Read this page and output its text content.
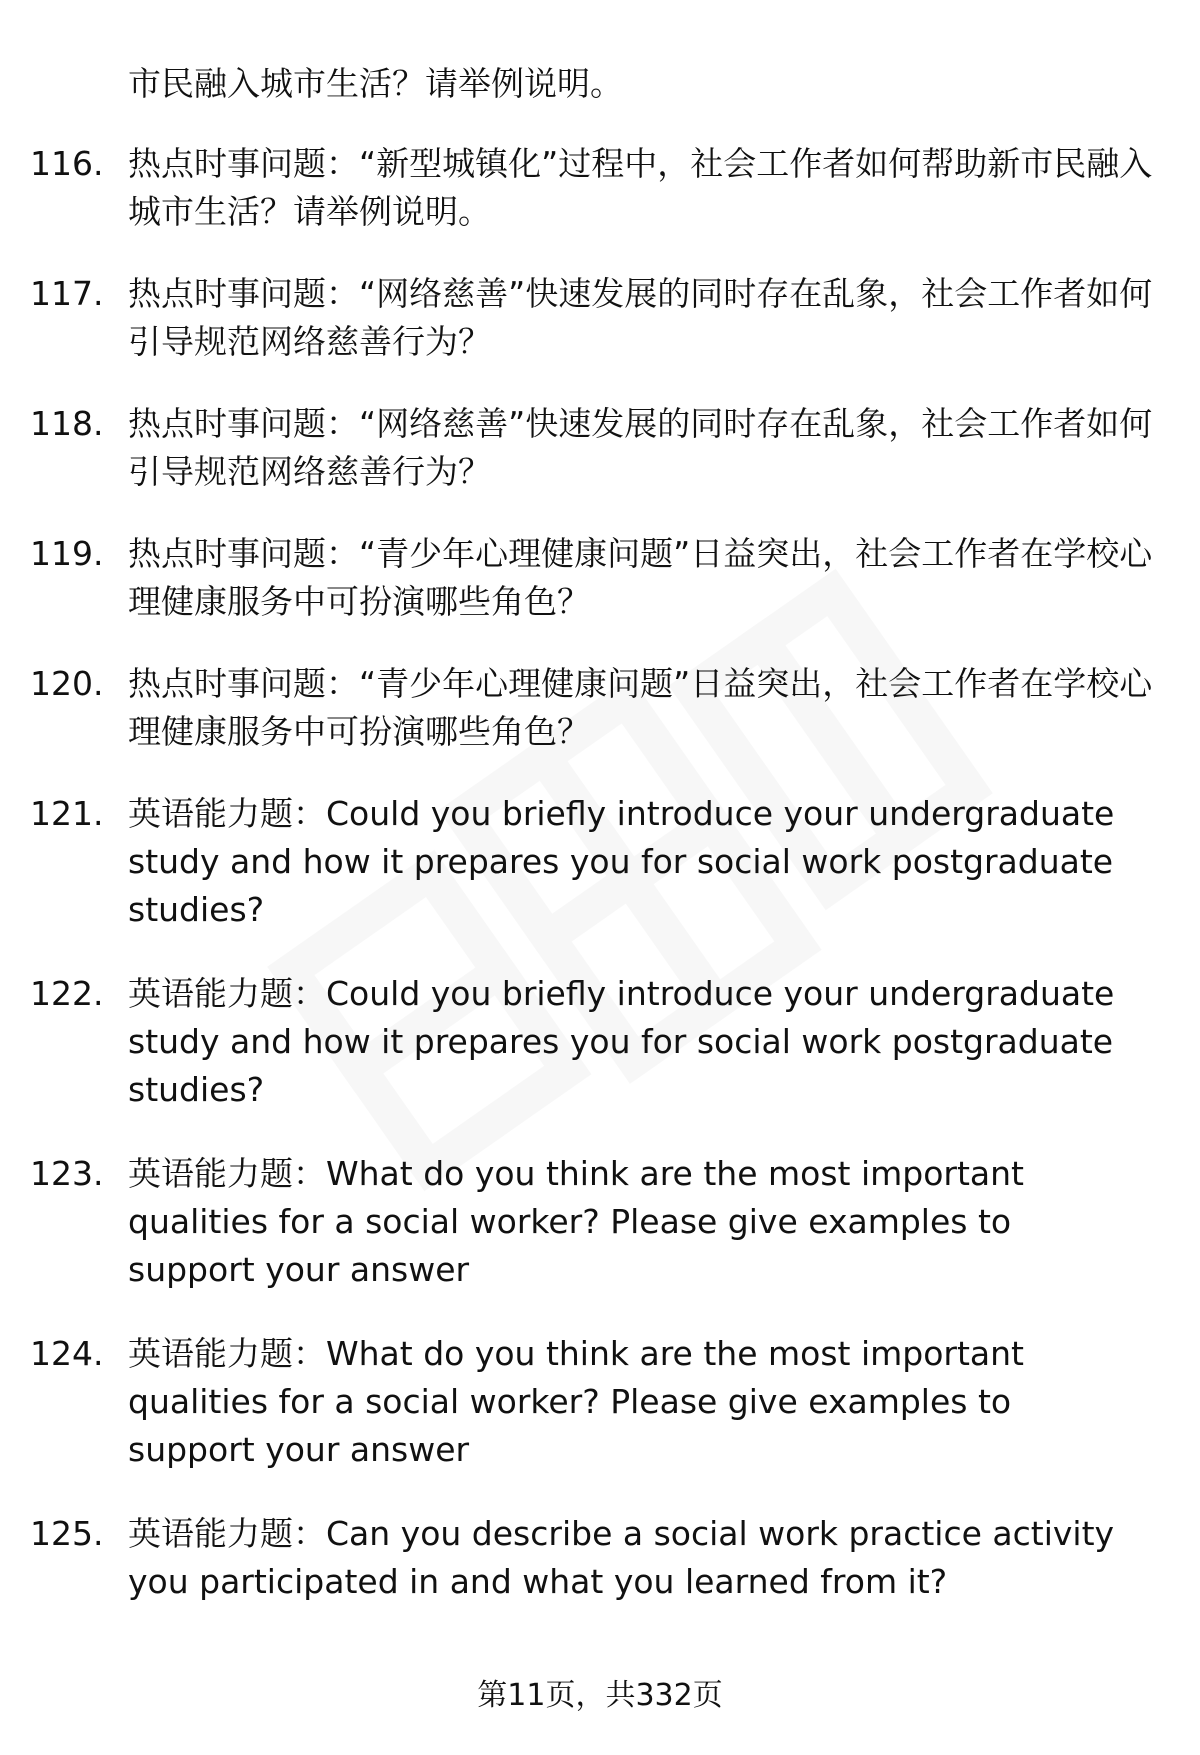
市民融入城市生活？请举例说明。
116. 热点时事问题：“新型城镇化”过程中，社会工作者如何帮助新市民融入城市生活？请举例说明。
117. 热点时事问题：“网络慈善”快速发展的同时存在乱象，社会工作者如何引导规范网络慈善行为？
118. 热点时事问题：“网络慈善”快速发展的同时存在乱象，社会工作者如何引导规范网络慈善行为？
119. 热点时事问题：“青少年心理健康问题”日益突出，社会工作者在学校心理健康服务中可扮演哪些角色？
120. 热点时事问题：“青少年心理健康问题”日益突出，社会工作者在学校心理健康服务中可扮演哪些角色？
121. 英语能力题：Could you briefly introduce your undergraduate study and how it prepares you for social work postgraduate studies?
122. 英语能力题：Could you briefly introduce your undergraduate study and how it prepares you for social work postgraduate studies?
123. 英语能力题：What do you think are the most important qualities for a social worker? Please give examples to support your answer
124. 英语能力题：What do you think are the most important qualities for a social worker? Please give examples to support your answer
125. 英语能力题：Can you describe a social work practice activity you participated in and what you learned from it?
第11页，共332页
